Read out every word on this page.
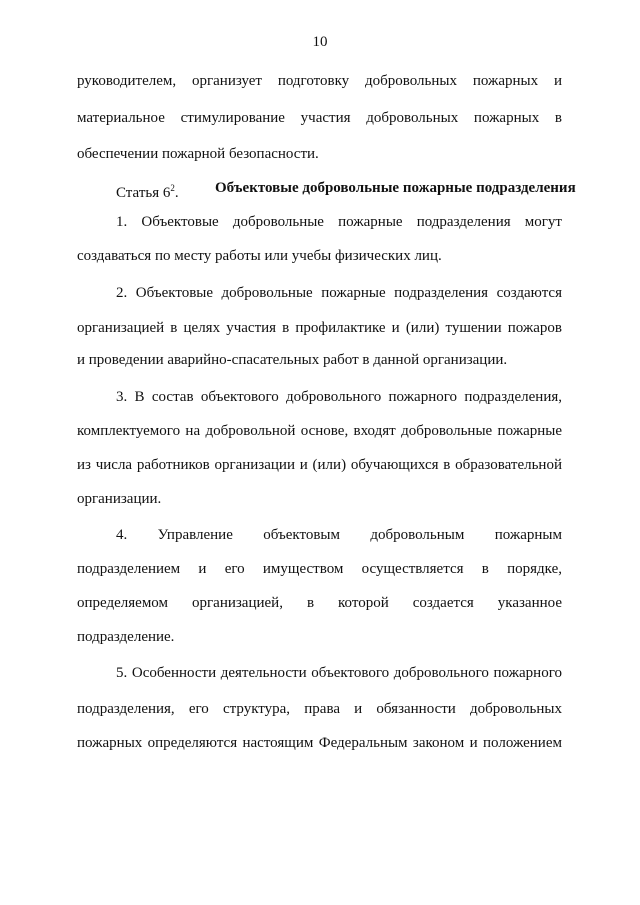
10
руководителем, организует подготовку добровольных пожарных и
материальное стимулирование участия добровольных пожарных в
обеспечении пожарной безопасности.
Статья $6^2$. Объектовые добровольные пожарные подразделения
1. Объектовые добровольные пожарные подразделения могут
создаваться по месту работы или учебы физических лиц.
2. Объектовые добровольные пожарные подразделения создаются
организацией в целях участия в профилактике и (или) тушении пожаров
и проведении аварийно-спасательных работ в данной организации.
3. В состав объектового добровольного пожарного подразделения,
комплектуемого на добровольной основе, входят добровольные пожарные
из числа работников организации и (или) обучающихся в образовательной
организации.
4. Управление объектовым добровольным пожарным
подразделением и его имуществом осуществляется в порядке,
определяемом организацией, в которой создается указанное
подразделение.
5. Особенности деятельности объектового добровольного пожарного
подразделения, его структура, права и обязанности добровольных
пожарных определяются настоящим Федеральным законом и положением
